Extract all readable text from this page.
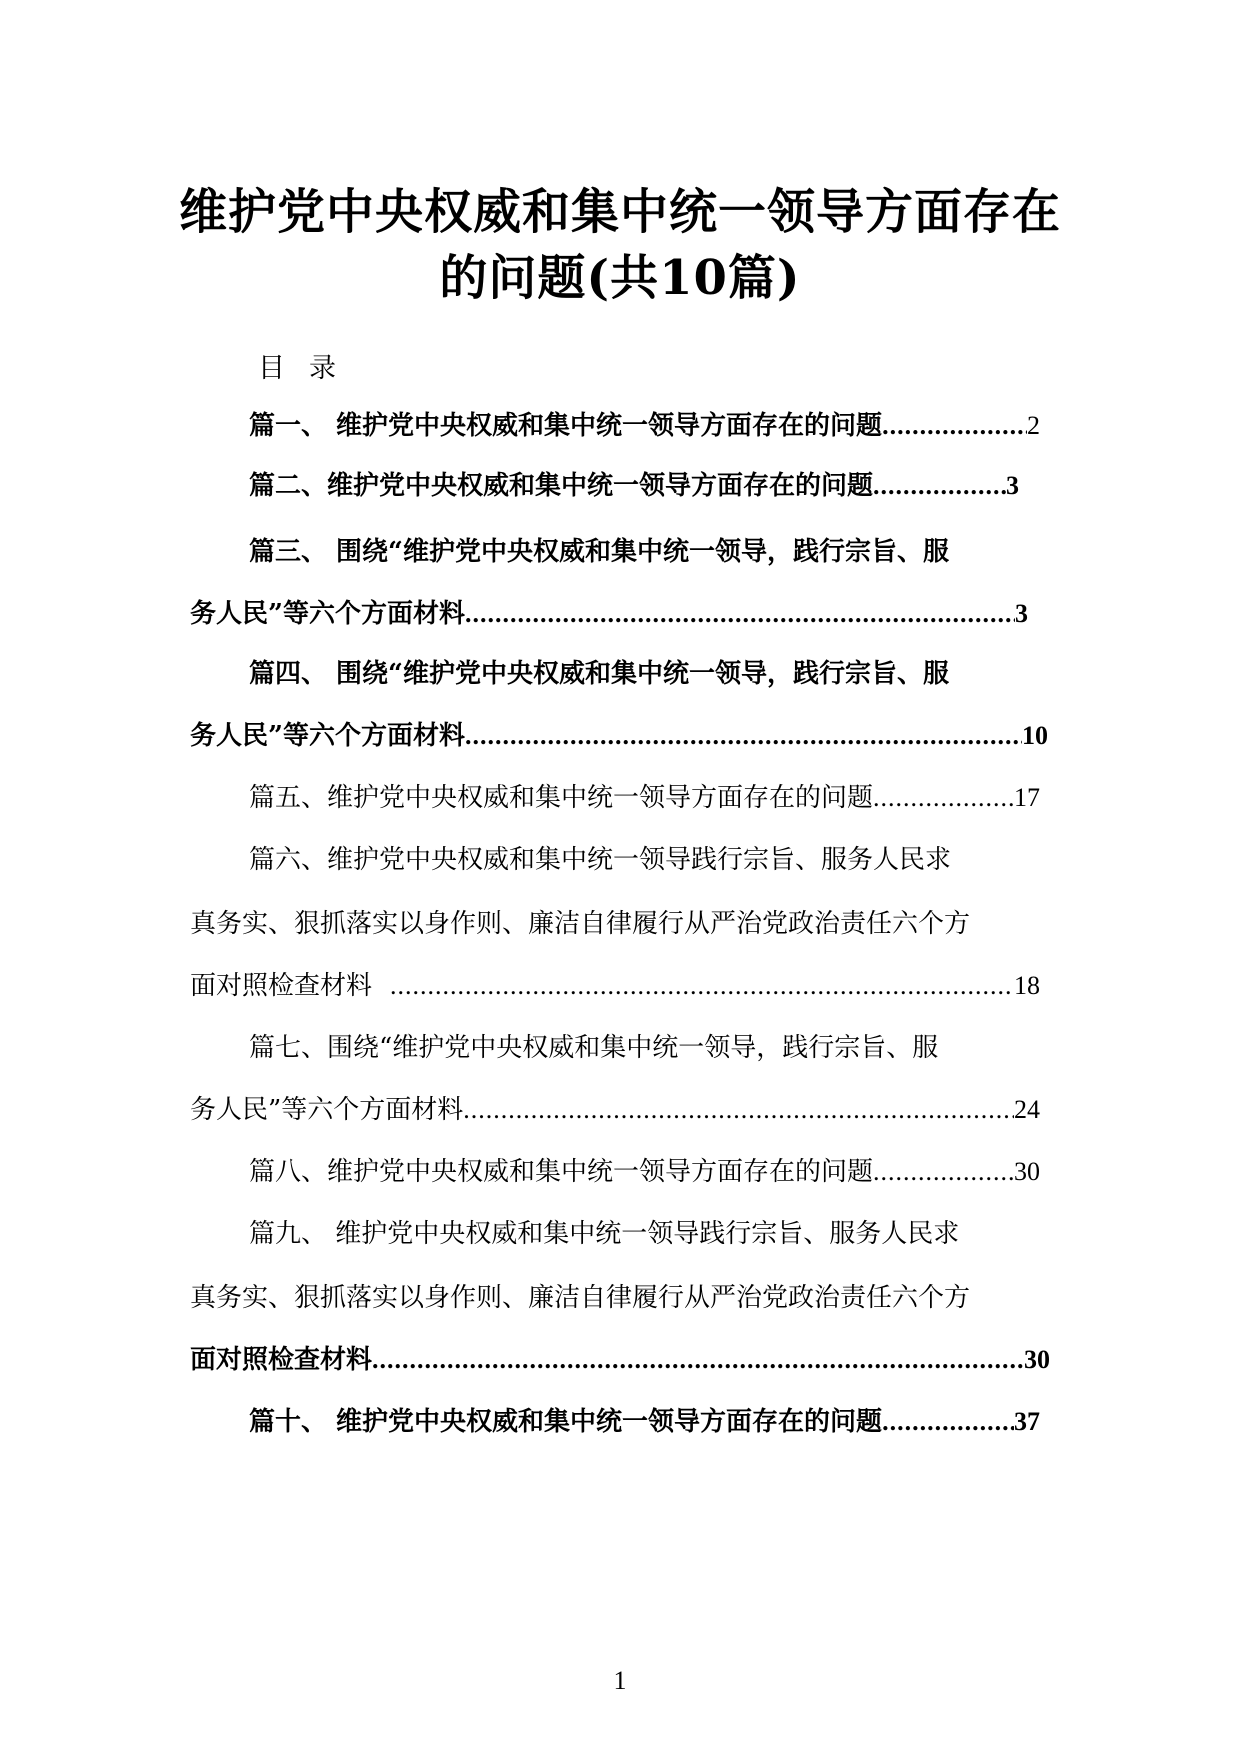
维护党中央权威和集中统一领导方面存在
的问题(共10篇)
目 录
篇一、 维护党中央权威和集中统一领导方面存在的问题 .....	2
篇二、维护党中央权威和集中统一领导方面存在的问题 .....	3
篇三、 围绕“维护党中央权威和集中统一领导，践行宗旨、服
务人民”等六个方面材料 .....	3
篇四、 围绕“维护党中央权威和集中统一领导，践行宗旨、服
务人民”等六个方面材料 .....	10
篇五、维护党中央权威和集中统一领导方面存在的问题 .....	17
篇六、维护党中央权威和集中统一领导践行宗旨、服务人民求
真务实、狠抓落实以身作则、廉洁自律履行从严治党政治责任六个方
面对照检查材料 .....	18
篇七、围绕“维护党中央权威和集中统一领导，践行宗旨、服
务人民”等六个方面材料 .....	24
篇八、维护党中央权威和集中统一领导方面存在的问题 .....	30
篇九、 维护党中央权威和集中统一领导践行宗旨、服务人民求
真务实、狠抓落实以身作则、廉洁自律履行从严治党政治责任六个方
面对照检查材料 .....	30
篇十、 维护党中央权威和集中统一领导方面存在的问题 .....	37
1
